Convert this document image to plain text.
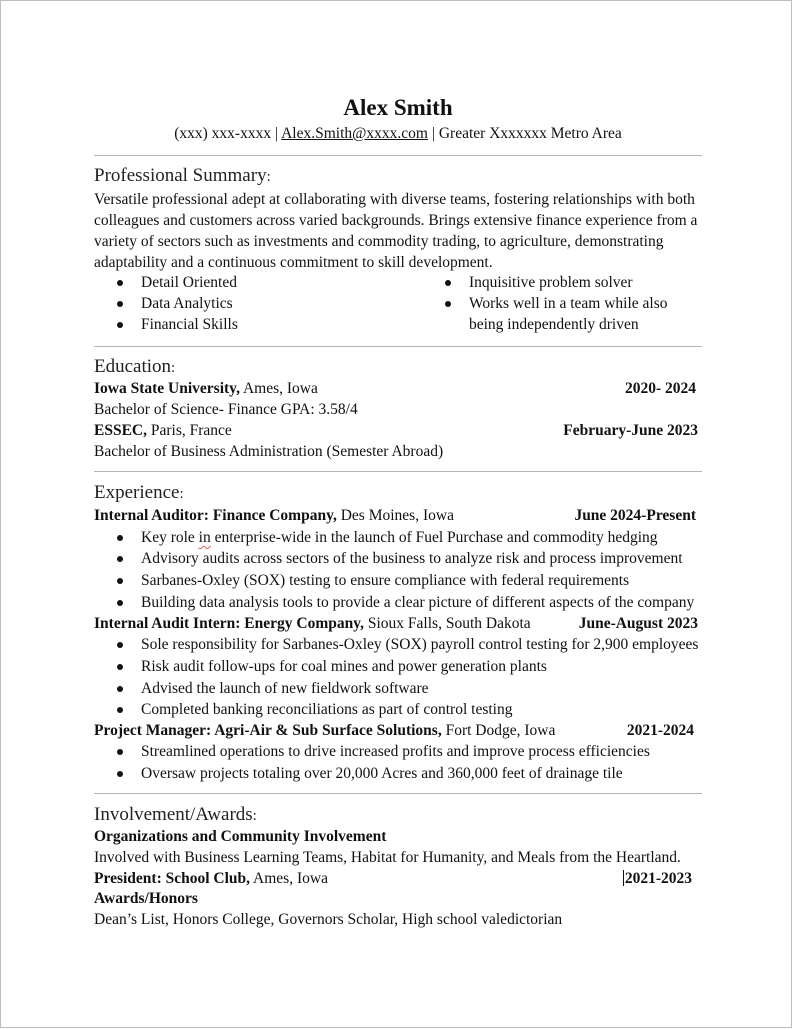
Alex Smith
(xxx) xxx-xxxx | Alex.Smith@xxxx.com | Greater Xxxxxxx Metro Area
Professional Summary:
Versatile professional adept at collaborating with diverse teams, fostering relationships with both colleagues and customers across varied backgrounds. Brings extensive finance experience from a variety of sectors such as investments and commodity trading, to agriculture, demonstrating adaptability and a continuous commitment to skill development.
Detail Oriented
Data Analytics
Financial Skills
Inquisitive problem solver
Works well in a team while also
being independently driven
Education:
Iowa State University, Ames, Iowa	2020- 2024
Bachelor of Science- Finance GPA: 3.58/4
ESSEC, Paris, France	February-June 2023
Bachelor of Business Administration (Semester Abroad)
Experience:
Internal Auditor: Finance Company, Des Moines, Iowa	June 2024-Present
Key role in enterprise-wide in the launch of Fuel Purchase and commodity hedging
Advisory audits across sectors of the business to analyze risk and process improvement
Sarbanes-Oxley (SOX) testing to ensure compliance with federal requirements
Building data analysis tools to provide a clear picture of different aspects of the company
Internal Audit Intern: Energy Company, Sioux Falls, South Dakota	June-August 2023
Sole responsibility for Sarbanes-Oxley (SOX) payroll control testing for 2,900 employees
Risk audit follow-ups for coal mines and power generation plants
Advised the launch of new fieldwork software
Completed banking reconciliations as part of control testing
Project Manager: Agri-Air & Sub Surface Solutions, Fort Dodge, Iowa	2021-2024
Streamlined operations to drive increased profits and improve process efficiencies
Oversaw projects totaling over 20,000 Acres and 360,000 feet of drainage tile
Involvement/Awards:
Organizations and Community Involvement
Involved with Business Learning Teams, Habitat for Humanity, and Meals from the Heartland.
President: School Club, Ames, Iowa	2021-2023
Awards/Honors
Dean’s List, Honors College, Governors Scholar, High school valedictorian
